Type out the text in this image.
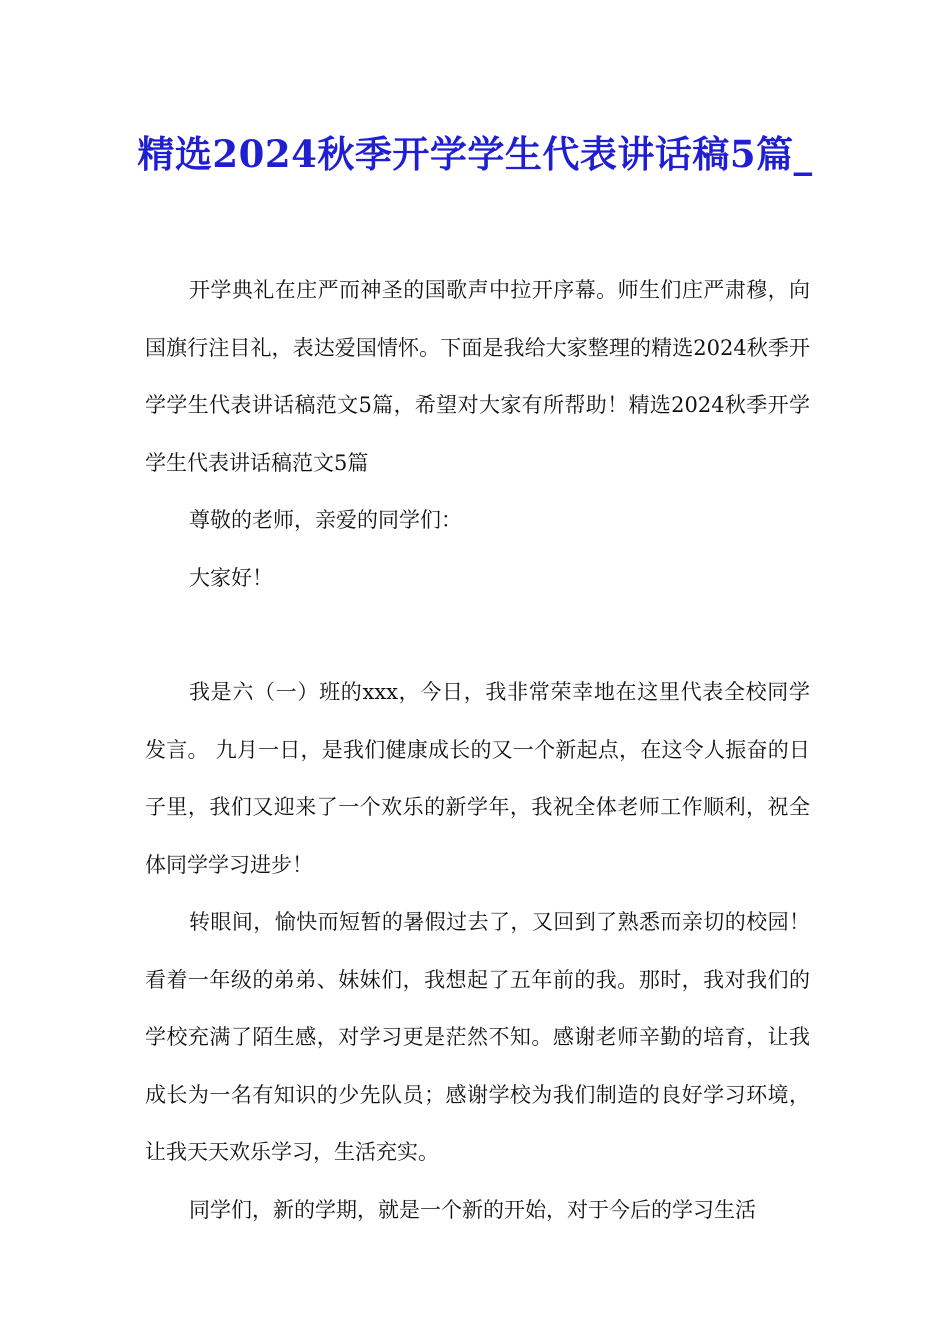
精选2024秋季开学学生代表讲话稿5篇_

开学典礼在庄严而神圣的国歌声中拉开序幕。师生们庄严肃穆，向国旗行注目礼，表达爱国情怀。下面是我给大家整理的精选2024秋季开学学生代表讲话稿范文5篇，希望对大家有所帮助！精选2024秋季开学学生代表讲话稿范文5篇

尊敬的老师，亲爱的同学们：

大家好！

我是六（一）班的xxx，今日，我非常荣幸地在这里代表全校同学发言。 九月一日，是我们健康成长的又一个新起点，在这令人振奋的日子里，我们又迎来了一个欢乐的新学年，我祝全体老师工作顺利，祝全体同学学习进步！

转眼间，愉快而短暂的暑假过去了，又回到了熟悉而亲切的校园！看着一年级的弟弟、妹妹们，我想起了五年前的我。那时，我对我们的学校充满了陌生感，对学习更是茫然不知。感谢老师辛勤的培育，让我成长为一名有知识的少先队员；感谢学校为我们制造的良好学习环境，让我天天欢乐学习，生活充实。

同学们，新的学期，就是一个新的开始，对于今后的学习生活
